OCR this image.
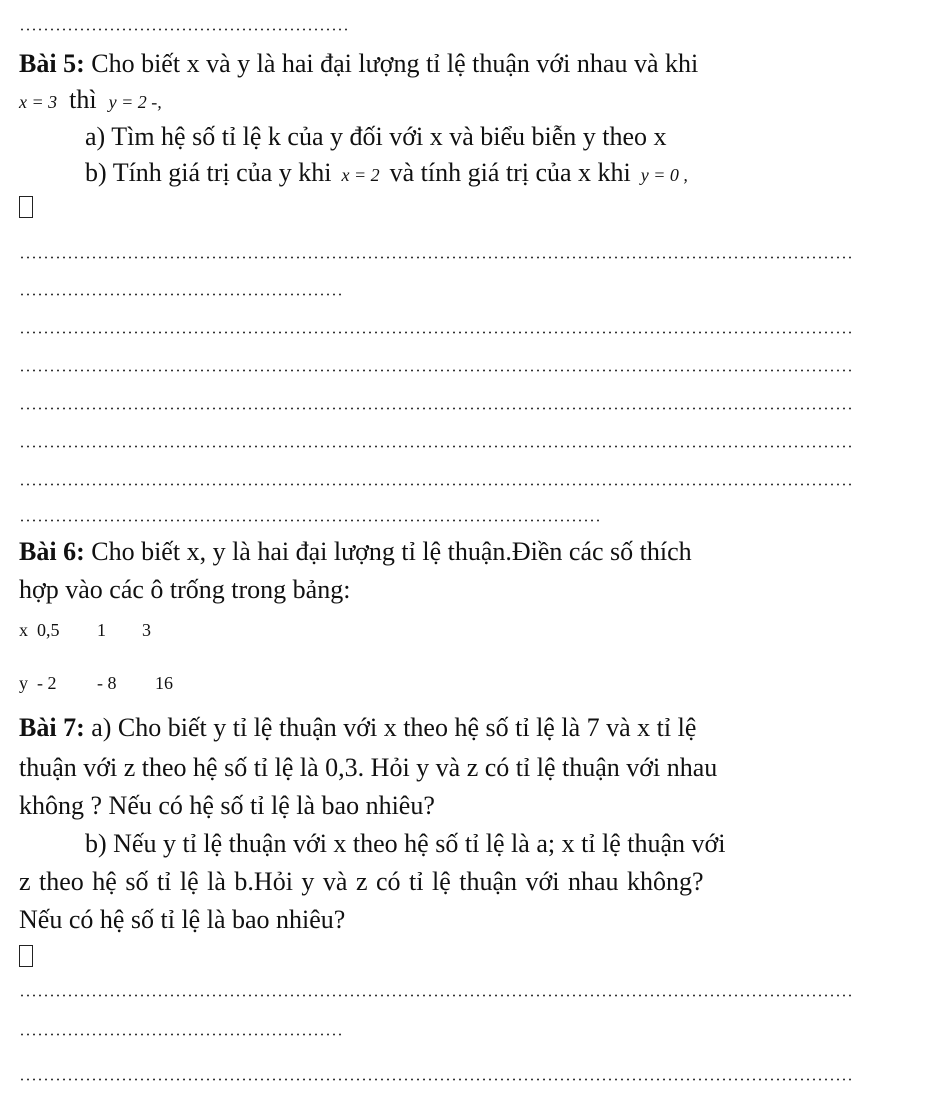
Bài 5: Cho biết x và y là hai đại lượng tỉ lệ thuận với nhau và khi
x = 3 thì y = 2 -,
a) Tìm hệ số tỉ lệ k của y đối với x và biểu biễn y theo x
b) Tính giá trị của y khi x = 2 và tính giá trị của x khi y = 0 ,
Bài 6: Cho biết x, y là hai đại lượng tỉ lệ thuận.Điền các số thích
hợp vào các ô trống trong bảng:
x 0,5 1 3
y - 2 - 8 16
Bài 7: a) Cho biết y tỉ lệ thuận với x theo hệ số tỉ lệ là 7 và x tỉ lệ
thuận với z theo hệ số tỉ lệ là 0,3. Hỏi y và z có tỉ lệ thuận với nhau
không ? Nếu có hệ số tỉ lệ là bao nhiêu?
b) Nếu y tỉ lệ thuận với x theo hệ số tỉ lệ là a; x tỉ lệ thuận với
z theo hệ số tỉ lệ là b.Hỏi y và z có tỉ lệ thuận với nhau không?
Nếu có hệ số tỉ lệ là bao nhiêu?
